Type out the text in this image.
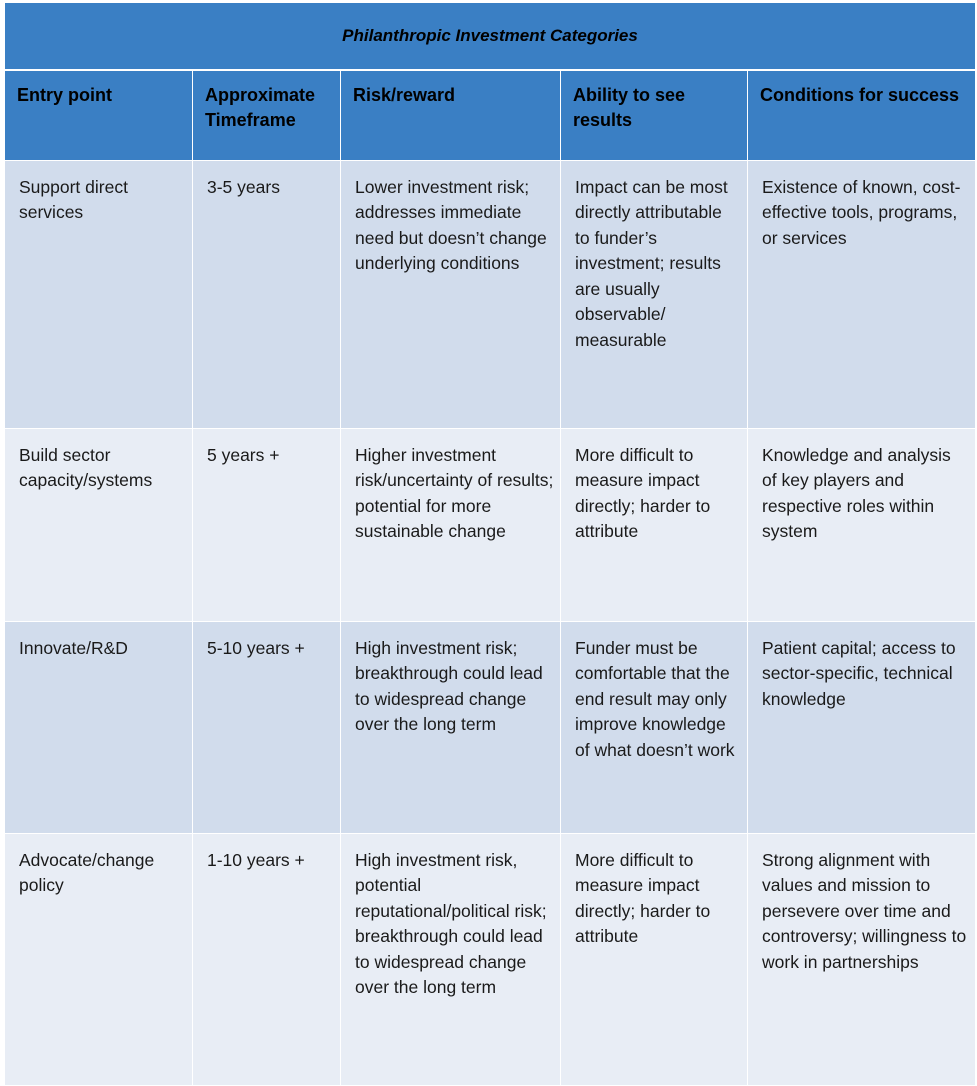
Philanthropic Investment Categories				
Entry point	Approximate Timeframe	Risk/reward	Ability to see results	Conditions for success
Support direct services	3-5 years	Lower investment risk; addresses immediate need but doesn’t change underlying conditions	Impact can be most directly attributable to funder’s investment; results are usually observable/ measurable	Existence of known, cost-effective tools, programs, or services
Build sector capacity/systems	5 years +	Higher investment risk/uncertainty of results; potential for more sustainable change	More difficult to measure impact directly; harder to attribute	Knowledge and analysis of key players and respective roles within system
Innovate/R&D	5-10 years +	High investment risk; breakthrough could lead to widespread change over the long term	Funder must be comfortable that the end result may only improve knowledge of what doesn’t work	Patient capital; access to sector-specific, technical knowledge
Advocate/change policy	1-10 years +	High investment risk, potential reputational/political risk; breakthrough could lead to widespread change over the long term	More difficult to measure impact directly; harder to attribute	Strong alignment with values and mission to persevere over time and controversy; willingness to work in partnerships
